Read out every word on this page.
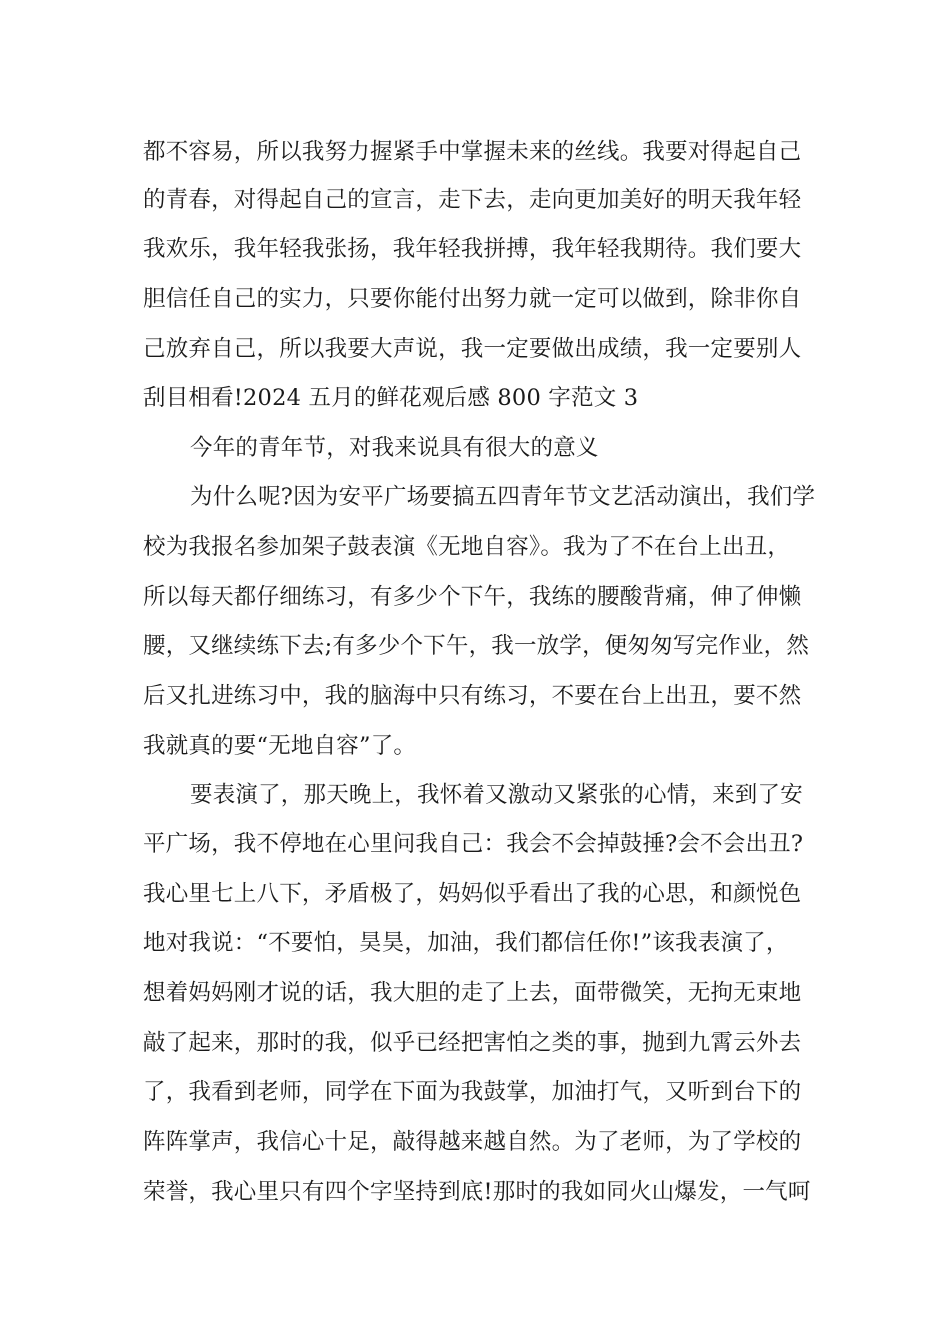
都不容易，所以我努力握紧手中掌握未来的丝线。我要对得起自己
的青春，对得起自己的宣言，走下去，走向更加美好的明天我年轻
我欢乐，我年轻我张扬，我年轻我拼搏，我年轻我期待。我们要大
胆信任自己的实力，只要你能付出努力就一定可以做到，除非你自
己放弃自己，所以我要大声说，我一定要做出成绩，我一定要别人
刮目相看!2024 五月的鲜花观后感 800 字范文 3
今年的青年节，对我来说具有很大的意义
为什么呢?因为安平广场要搞五四青年节文艺活动演出，我们学
校为我报名参加架子鼓表演《无地自容》。我为了不在台上出丑，
所以每天都仔细练习，有多少个下午，我练的腰酸背痛，伸了伸懒
腰，又继续练下去;有多少个下午，我一放学，便匆匆写完作业，然
后又扎进练习中，我的脑海中只有练习，不要在台上出丑，要不然
我就真的要“无地自容”了。
要表演了，那天晚上，我怀着又激动又紧张的心情，来到了安
平广场，我不停地在心里问我自己：我会不会掉鼓捶?会不会出丑?
我心里七上八下，矛盾极了，妈妈似乎看出了我的心思，和颜悦色
地对我说：“不要怕，昊昊，加油，我们都信任你!”该我表演了，
想着妈妈刚才说的话，我大胆的走了上去，面带微笑，无拘无束地
敲了起来，那时的我，似乎已经把害怕之类的事，抛到九霄云外去
了，我看到老师，同学在下面为我鼓掌，加油打气，又听到台下的
阵阵掌声，我信心十足，敲得越来越自然。为了老师，为了学校的
荣誉，我心里只有四个字坚持到底!那时的我如同火山爆发，一气呵
